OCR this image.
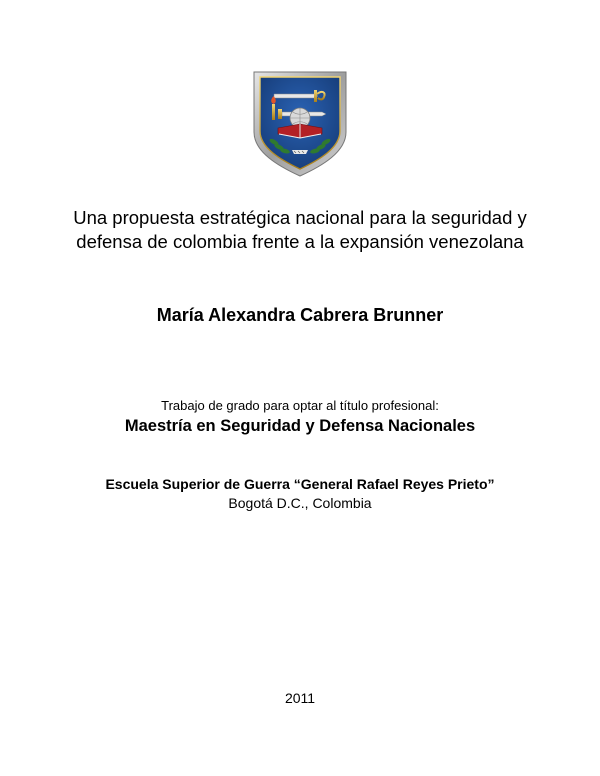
Una propuesta estratégica nacional para la seguridad y defensa de colombia frente a la expansión venezolana
María Alexandra Cabrera Brunner
Trabajo de grado para optar al título profesional:
Maestría en Seguridad y Defensa Nacionales
Escuela Superior de Guerra “General Rafael Reyes Prieto”
Bogotá D.C., Colombia
2011
